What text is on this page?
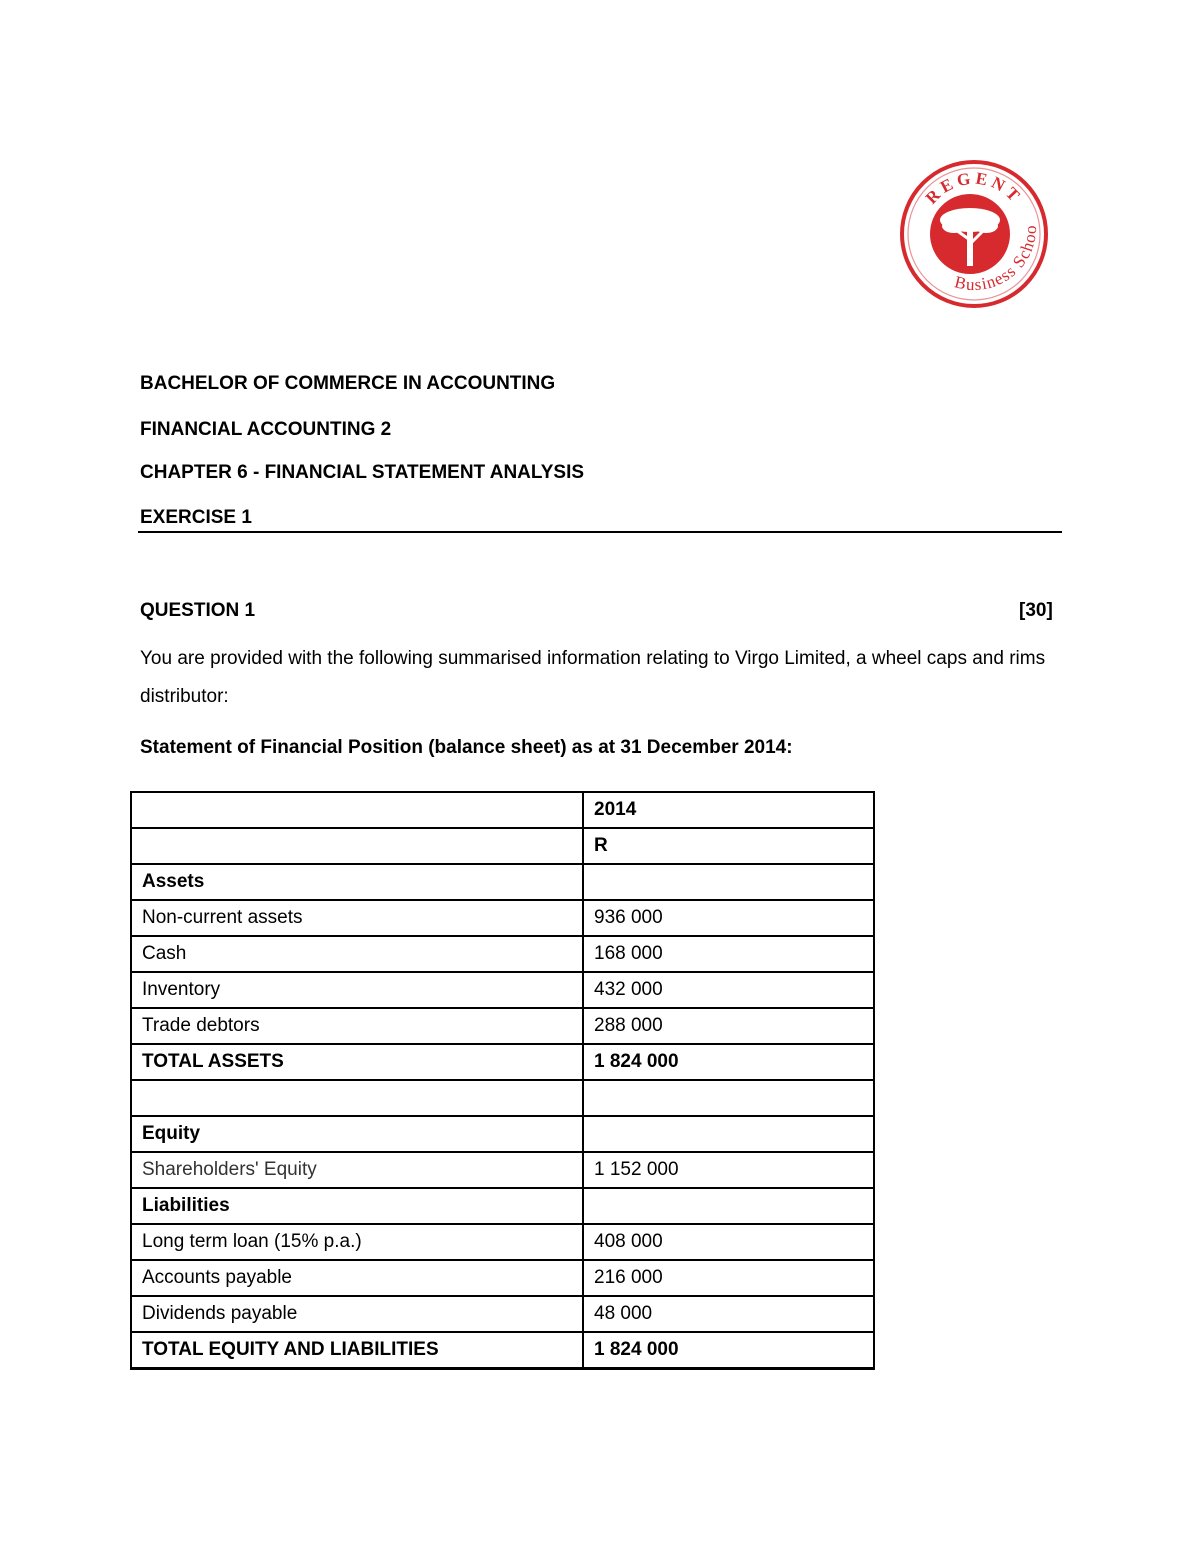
REGENT
Business Schoo
BACHELOR OF COMMERCE IN ACCOUNTING
FINANCIAL ACCOUNTING 2
CHAPTER 6 - FINANCIAL STATEMENT ANALYSIS
EXERCISE 1
QUESTION 1	[30]

You are provided with the following summarised information relating to Virgo Limited, a wheel caps and rims distributor:

Statement of Financial Position (balance sheet) as at 31 December 2014:
	2014
	R
Assets	
Non-current assets	936 000
Cash	168 000
Inventory	432 000
Trade debtors	288 000
TOTAL ASSETS	1 824 000

Equity	
Shareholders' Equity	1 152 000
Liabilities	
Long term loan (15% p.a.)	408 000
Accounts payable	216 000
Dividends payable	48 000
TOTAL EQUITY AND LIABILITIES	1 824 000
